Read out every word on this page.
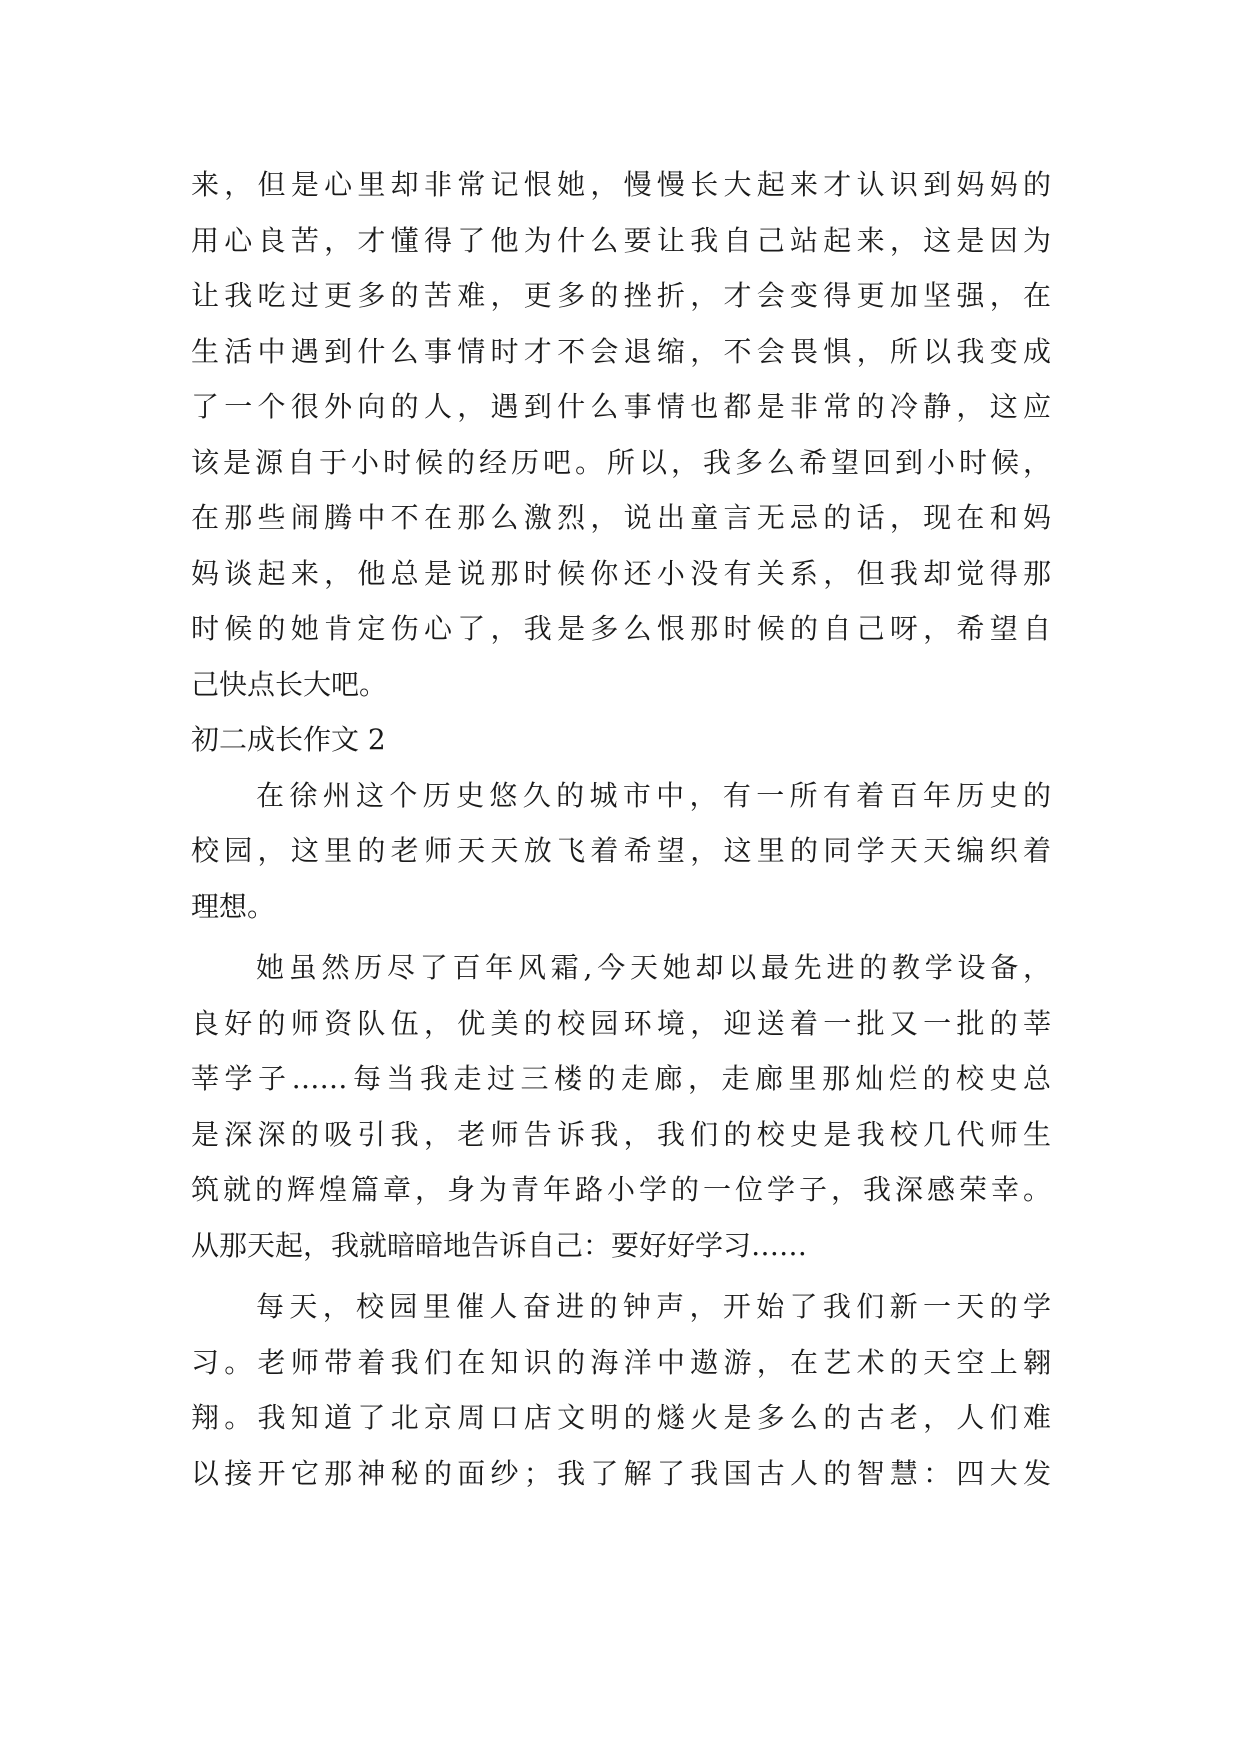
来，但是心里却非常记恨她，慢慢长大起来才认识到妈妈的
用心良苦，才懂得了他为什么要让我自己站起来，这是因为
让我吃过更多的苦难，更多的挫折，才会变得更加坚强，在
生活中遇到什么事情时才不会退缩，不会畏惧，所以我变成
了一个很外向的人，遇到什么事情也都是非常的冷静，这应
该是源自于小时候的经历吧。所以，我多么希望回到小时候，
在那些闹腾中不在那么激烈，说出童言无忌的话，现在和妈
妈谈起来，他总是说那时候你还小没有关系，但我却觉得那
时候的她肯定伤心了，我是多么恨那时候的自己呀，希望自
己快点长大吧。
初二成长作文 2
在徐州这个历史悠久的城市中，有一所有着百年历史的
校园，这里的老师天天放飞着希望，这里的同学天天编织着
理想。
她虽然历尽了百年风霜,今天她却以最先进的教学设备，
良好的师资队伍，优美的校园环境，迎送着一批又一批的莘
莘学子……每当我走过三楼的走廊，走廊里那灿烂的校史总
是深深的吸引我，老师告诉我，我们的校史是我校几代师生
筑就的辉煌篇章，身为青年路小学的一位学子，我深感荣幸。
从那天起，我就暗暗地告诉自己：要好好学习……
每天，校园里催人奋进的钟声，开始了我们新一天的学
习。老师带着我们在知识的海洋中遨游，在艺术的天空上翱
翔。我知道了北京周口店文明的燧火是多么的古老，人们难
以接开它那神秘的面纱；我了解了我国古人的智慧：四大发
